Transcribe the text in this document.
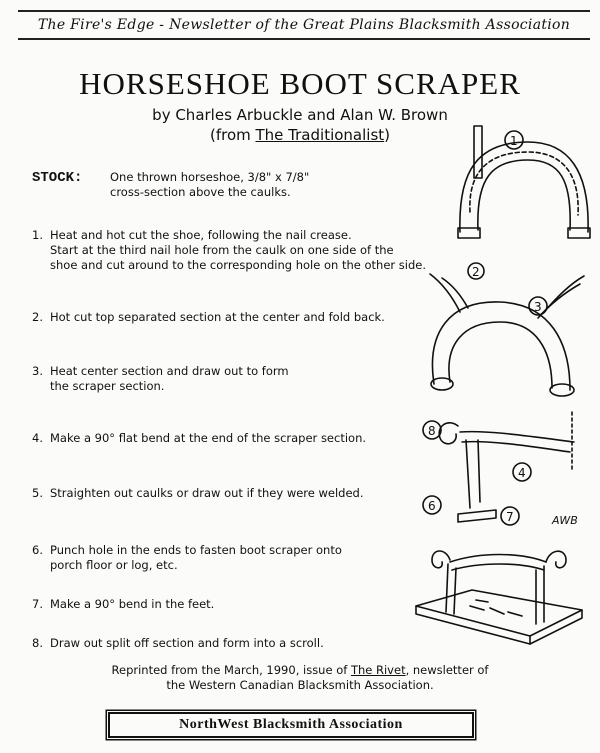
The Fire's Edge - Newsletter of the Great Plains Blacksmith Association
HORSESHOE BOOT SCRAPER
by Charles Arbuckle and Alan W. Brown
(from The Traditionalist)
STOCK: One thrown horseshoe, 3/8" x 7/8"
cross-section above the caulks.
1. Heat and hot cut the shoe, following the nail crease.
Start at the third nail hole from the caulk on one side of the
shoe and cut around to the corresponding hole on the other side.
2. Hot cut top separated section at the center and fold back.
3. Heat center section and draw out to form
the scraper section.
4. Make a 90° flat bend at the end of the scraper section.
5. Straighten out caulks or draw out if they were welded.
6. Punch hole in the ends to fasten boot scraper onto
porch floor or log, etc.
7. Make a 90° bend in the feet.
8. Draw out split off section and form into a scroll.
1
2
3
8
4
6
7	AWB
Reprinted from the March, 1990, issue of The Rivet, newsletter of
the Western Canadian Blacksmith Association.
NorthWest Blacksmith Association
